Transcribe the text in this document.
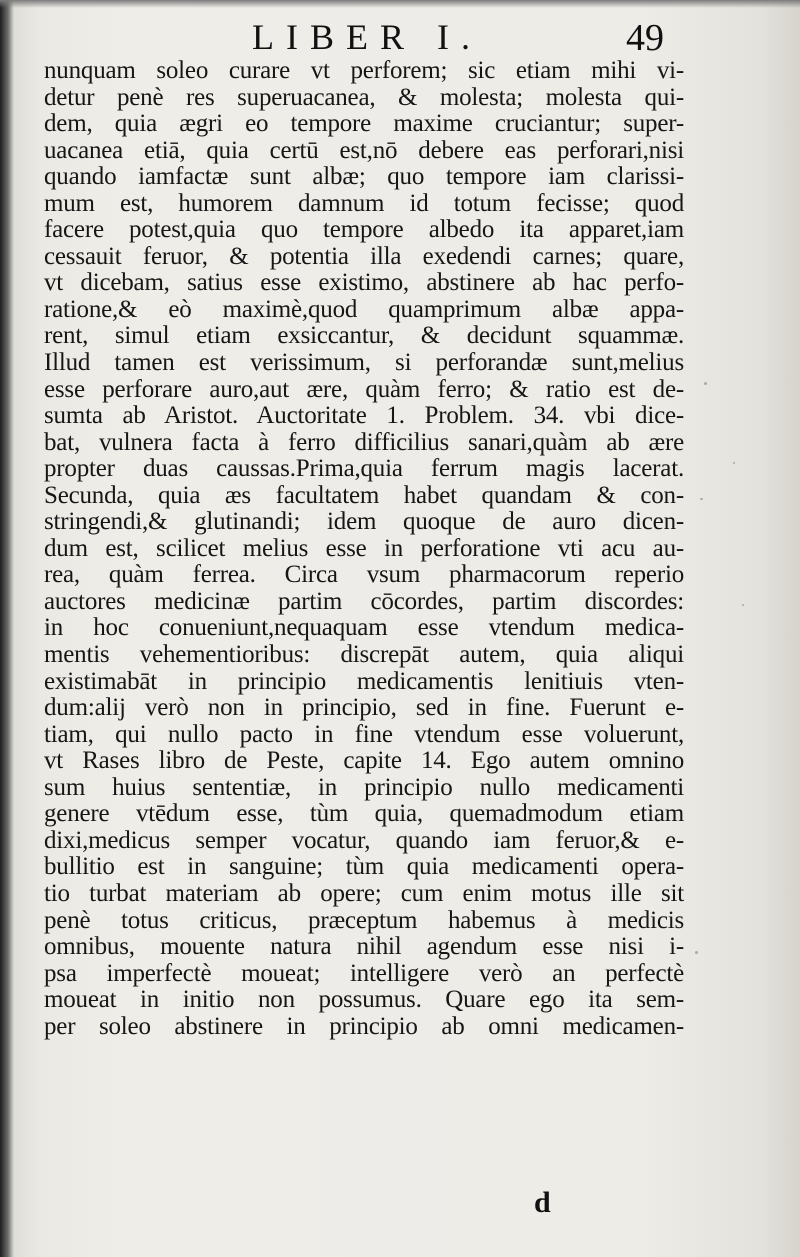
LIBER I.	49
nunquam soleo curare vt perforem; sic etiam mihi vi-
detur penè res superuacanea, & molesta; molesta qui-
dem, quia ægri eo tempore maxime cruciantur; super-
uacanea etiā, quia certū est,nō debere eas perforari,nisi
quando iamfactæ sunt albæ; quo tempore iam clarissi-
mum est, humorem damnum id totum fecisse; quod
facere potest,quia quo tempore albedo ita apparet,iam
cessauit feruor, & potentia illa exedendi carnes; quare,
vt dicebam, satius esse existimo, abstinere ab hac perfo-
ratione,& eò maximè,quod quamprimum albæ appa-
rent, simul etiam exsiccantur, & decidunt squammæ.
Illud tamen est verissimum, si perforandæ sunt,melius
esse perforare auro,aut ære, quàm ferro; & ratio est de-
sumta ab Aristot. Auctoritate 1. Problem. 34. vbi dice-
bat, vulnera facta à ferro difficilius sanari,quàm ab ære
propter duas caussas.Prima,quia ferrum magis lacerat.
Secunda, quia æs facultatem habet quandam & con-
stringendi,& glutinandi; idem quoque de auro dicen-
dum est, scilicet melius esse in perforatione vti acu au-
rea, quàm ferrea. Circa vsum pharmacorum reperio
auctores medicinæ partim cōcordes, partim discordes:
in hoc conueniunt,nequaquam esse vtendum medica-
mentis vehementioribus: discrepāt autem, quia aliqui
existimabāt in principio medicamentis lenitiuis vten-
dum:alij verò non in principio, sed in fine. Fuerunt e-
tiam, qui nullo pacto in fine vtendum esse voluerunt,
vt Rases libro de Peste, capite 14. Ego autem omnino
sum huius sententiæ, in principio nullo medicamenti
genere vtēdum esse, tùm quia, quemadmodum etiam
dixi,medicus semper vocatur, quando iam feruor,& e-
bullitio est in sanguine; tùm quia medicamenti opera-
tio turbat materiam ab opere; cum enim motus ille sit
penè totus criticus, præceptum habemus à medicis
omnibus, mouente natura nihil agendum esse nisi i-
psa imperfectè moueat; intelligere verò an perfectè
moueat in initio non possumus. Quare ego ita sem-
per soleo abstinere in principio ab omni medicamen-
d
